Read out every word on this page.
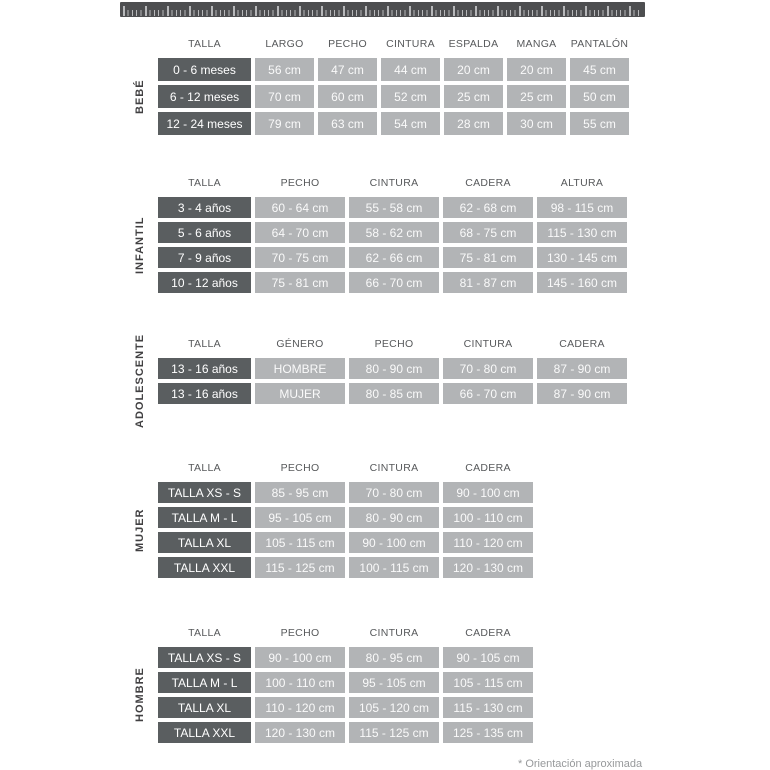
TALLA	LARGO PECHO CINTURA ESPALDA MANGA PANTALÓN
0 - 6 meses	56 cm	47 cm	44 cm	20 cm	20 cm	45 cm
6 - 12 meses	70 cm	60 cm	52 cm	25 cm	25 cm	50 cm
12 - 24 meses	79 cm	63 cm	54 cm	28 cm	30 cm	55 cm
BEBÉ
TALLA	PECHO	CINTURA	CADERA	ALTURA
3 - 4 años	60 - 64 cm	55 - 58 cm	62 - 68 cm	98 - 115 cm
5 - 6 años	64 - 70 cm	58 - 62 cm	68 - 75 cm	115 - 130 cm
7 - 9 años	70 - 75 cm	62 - 66 cm	75 - 81 cm	130 - 145 cm
10 - 12 años	75 - 81 cm	66 - 70 cm	81 - 87 cm	145 - 160 cm
INFANTIL
TALLA	GÉNERO	PECHO	CINTURA	CADERA
13 - 16 años	HOMBRE	80 - 90 cm	70 - 80 cm	87 - 90 cm
13 - 16 años	MUJER	80 - 85 cm	66 - 70 cm	87 - 90 cm
ADOLESCENTE
TALLA	PECHO	CINTURA	CADERA
TALLA XS - S	85 - 95 cm	70 - 80 cm	90 - 100 cm
TALLA M - L	95 - 105 cm	80 - 90 cm	100 - 110 cm
TALLA XL	105 - 115 cm	90 - 100 cm	110 - 120 cm
TALLA XXL	115 - 125 cm	100 - 115 cm	120 - 130 cm
MUJER
TALLA	PECHO	CINTURA	CADERA
TALLA XS - S	90 - 100 cm	80 - 95 cm	90 - 105 cm
TALLA M - L	100 - 110 cm	95 - 105 cm	105 - 115 cm
TALLA XL	110 - 120 cm	105 - 120 cm	115 - 130 cm
TALLA XXL	120 - 130 cm	115 - 125 cm	125 - 135 cm
HOMBRE
* Orientación aproximada
